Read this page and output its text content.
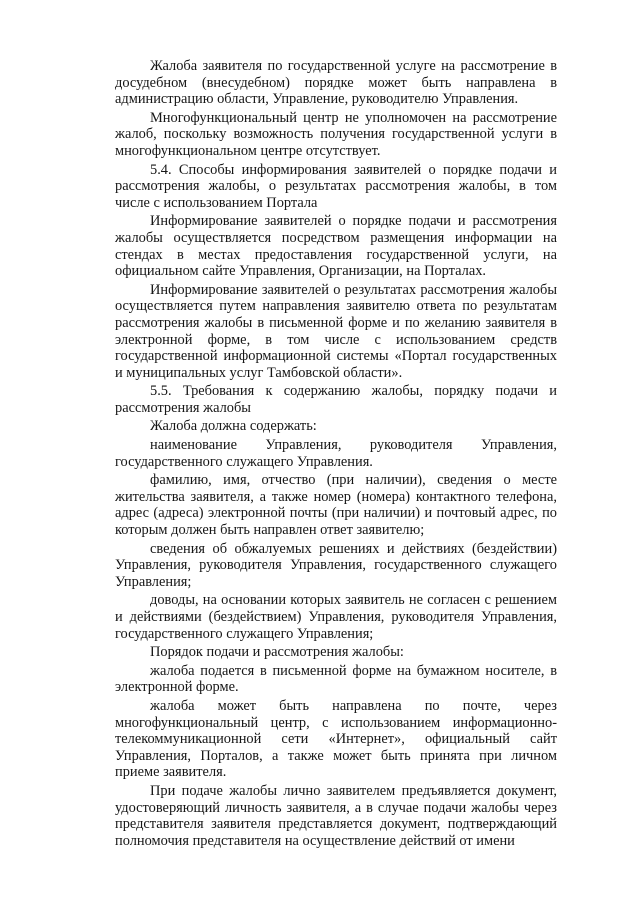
Жалоба заявителя по государственной услуге на рассмотрение в досудебном (внесудебном) порядке может быть направлена в администрацию области, Управление, руководителю Управления.

Многофункциональный центр не уполномочен на рассмотрение жалоб, поскольку возможность получения государственной услуги в многофункциональном центре отсутствует.

5.4. Способы информирования заявителей о порядке подачи и рассмотрения жалобы, о результатах рассмотрения жалобы, в том числе с использованием Портала

Информирование заявителей о порядке подачи и рассмотрения жалобы осуществляется посредством размещения информации на стендах в местах предоставления государственной услуги, на официальном сайте Управления, Организации, на Порталах.

Информирование заявителей о результатах рассмотрения жалобы осуществляется путем направления заявителю ответа по результатам рассмотрения жалобы в письменной форме и по желанию заявителя в электронной форме, в том числе с использованием средств государственной информационной системы «Портал государственных и муниципальных услуг Тамбовской области».

5.5. Требования к содержанию жалобы, порядку подачи и рассмотрения жалобы

Жалоба должна содержать:

наименование Управления, руководителя Управления, государственного служащего Управления.

фамилию, имя, отчество (при наличии), сведения о месте жительства заявителя, а также номер (номера) контактного телефона, адрес (адреса) электронной почты (при наличии) и почтовый адрес, по которым должен быть направлен ответ заявителю;

сведения об обжалуемых решениях и действиях (бездействии) Управления, руководителя Управления, государственного служащего Управления;

доводы, на основании которых заявитель не согласен с решением и действиями (бездействием) Управления, руководителя Управления, государственного служащего Управления;

Порядок подачи и рассмотрения жалобы:

жалоба подается в письменной форме на бумажном носителе, в электронной форме.

жалоба может быть направлена по почте, через многофункциональный центр, с использованием информационно-телекоммуникационной сети «Интернет», официальный сайт Управления, Порталов, а также может быть принята при личном приеме заявителя.

При подаче жалобы лично заявителем предъявляется документ, удостоверяющий личность заявителя, а в случае подачи жалобы через представителя заявителя представляется документ, подтверждающий полномочия представителя на осуществление действий от имени
